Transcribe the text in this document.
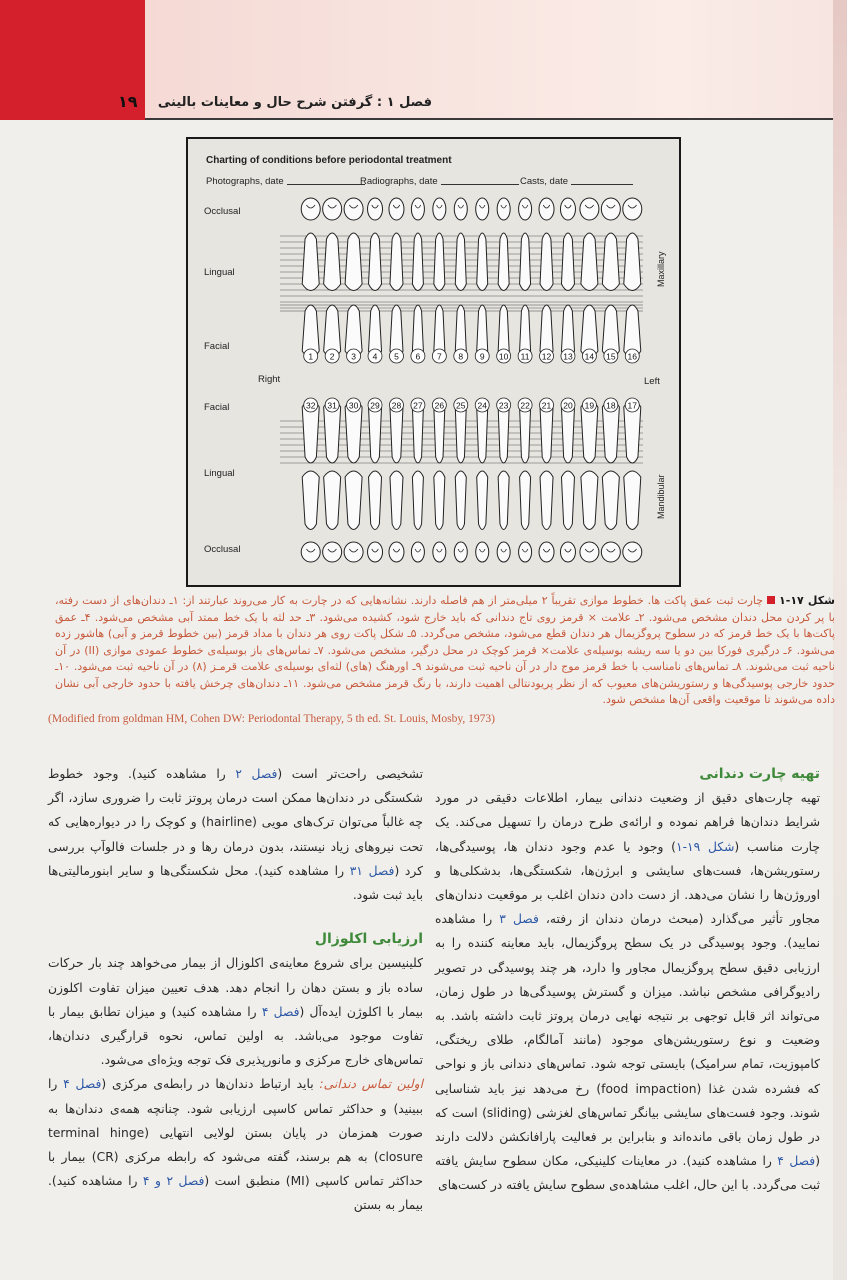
۱۹ فصل ۱ : گرفتن شرح حال و معاینات بالینی
Charting of conditions before periodontal treatment
Photographs, date	Radiographs, date	Casts, date
Occlusal
Lingual
Facial
Right	Left
Facial
Lingual
Occlusal
Maxillary
Mandibular
1
32
2
31
3
30
4
29
5
28
6
27
7
26
8
25
9
24
10
23
11
22
12
21
13
20
14
19
15
18
16
17
شکل ۱۷-۱چارت ثبت عمق پاکت ها. خطوط موازی تقریباً ۲ میلی‌متر از هم فاصله دارند. نشانه‌هایی که در چارت به کار می‌روند عبارتند از: ۱ـ دندان‌های از دست رفته، با پر کردن محل دندان مشخص می‌شود. ۲ـ علامت × قرمز روی تاج دندانی که باید خارج شود، کشیده می‌شود. ۳ـ حد لثه با یک خط ممتد آبی مشخص می‌شود. ۴ـ عمق پاکت‌ها با یک خط قرمز که در سطوح پروگزیمال هر دندان قطع می‌شود، مشخص می‌گردد. ۵ـ شکل پاکت روی هر دندان با مداد قرمز (بین خطوط قرمز و آبی) هاشور زده می‌شود. ۶ـ درگیری فورکا بین دو یا سه ریشه بوسیله‌ی علامت× قرمز کوچک در محل درگیر، مشخص می‌شود. ۷ـ تماس‌های باز بوسیله‌ی خطوط عمودی موازی (II) در آن ناحیه ثبت می‌شوند. ۸ـ تماس‌های نامناسب با خط قرمز موج دار در آن ناحیه ثبت می‌شوند ۹ـ اورهنگ (های) لثه‌ای بوسیله‌ی علامت قرمـز (۸) در آن ناحیه ثبت می‌شود. ۱۰ـ حدود خارجی پوسیدگی‌ها و رستوریشن‌های معیوب که از نظر پریودنتالی اهمیت دارند، با رنگ قرمز مشخص می‌شود. ۱۱ـ دندان‌های چرخش یافته با حدود خارجی آبی نشان داده می‌شوند تا موقعیت واقعی آن‌ها مشخص شود.
(Modified from goldman HM, Cohen DW: Periodontal Therapy, 5 th ed. St. Louis, Mosby, 1973)

تهیه چارت دندانی

تهیه چارت‌های دقیق از وضعیت دندانی بیمار، اطلاعات دقیقی در مورد شرایط دندان‌ها فراهم نموده و ارائه‌ی طرح درمان را تسهیل می‌کند. یک چارت مناسب (شکل ۱۹-۱) وجود یا عدم وجود دندان ها، پوسیدگی‌ها، رستوریشن‌ها، فست‌های سایشی و ابرژن‌ها، شکستگی‌ها، بدشکلی‌ها و اوروژن‌ها را نشان می‌دهد. از دست دادن دندان اغلب بر موقعیت دندان‌های مجاور تأثیر می‌گذارد (مبحث درمان دندان از رفته، فصل ۳ را مشاهده نمایید). وجود پوسیدگی در یک سطح پروگزیمال، باید معاینه کننده را به ارزیابی دقیق سطح پروگزیمال مجاور وا دارد، هر چند پوسیدگی در تصویر رادیوگرافی مشخص نباشد. میزان و گسترش پوسیدگی‌ها در طول زمان، می‌تواند اثر قابل توجهی بر نتیجه نهایی درمان پروتز ثابت داشته باشد. به وضعیت و نوع رستوریشن‌های موجود (مانند آمالگام، طلای ریختگی، کامپوزیت، تمام سرامیک) بایستی توجه شود. تماس‌های دندانی باز و نواحی که فشرده شدن غذا (food impaction) رخ می‌دهد نیز باید شناسایی شوند. وجود فست‌های سایشی بیانگر تماس‌های لغزشی (sliding) است که در طول زمان باقی مانده‌اند و بنابراین بر فعالیت پارافانکشن دلالت دارند (فصل ۴ را مشاهده کنید). در معاینات کلینیکی، مکان سطوح سایش یافته ثبت می‌گردد. با این حال، اغلب مشاهده‌ی سطوح سایش یافته در کست‌های

تشخیصی راحت‌تر است (فصل ۲ را مشاهده کنید). وجود خطوط شکستگی در دندان‌ها ممکن است درمان پروتز ثابت را ضروری سازد، اگر چه غالباً می‌توان ترک‌های مویی (hairline) و کوچک را در دیواره‌هایی که تحت نیروهای زیاد نیستند، بدون درمان رها و در جلسات فالوآپ بررسی کرد (فصل ۳۱ را مشاهده کنید). محل شکستگی‌ها و سایر ابنورمالیتی‌ها باید ثبت شود.

ارزیابی اکلوزال

کلینیسین برای شروع معاینه‌ی اکلوزال از بیمار می‌خواهد چند بار حرکات ساده باز و بستن دهان را انجام دهد. هدف تعیین میزان تفاوت اکلوزن بیمار با اکلوژن ایده‌آل (فصل ۴ را مشاهده کنید) و میزان تطابق بیمار با تفاوت موجود می‌باشد. به اولین تماس، نحوه قرارگیری دندان‌ها، تماس‌های خارج مرکزی و مانورپذیری فک توجه ویژه‌ای می‌شود.

اولین تماس دندانی: باید ارتباط دندان‌ها در رابطه‌ی مرکزی (فصل ۴ را ببینید) و حداکثر تماس کاسپی ارزیابی شود. چنانچه همه‌ی دندان‌ها به صورت همزمان در پایان بستن لولایی انتهایی (terminal hinge closure) به هم برسند، گفته می‌شود که رابطه مرکزی (CR) بیمار با حداکثر تماس کاسپی (MI) منطبق است (فصل ۲ و ۴ را مشاهده کنید). بیمار به بستن
